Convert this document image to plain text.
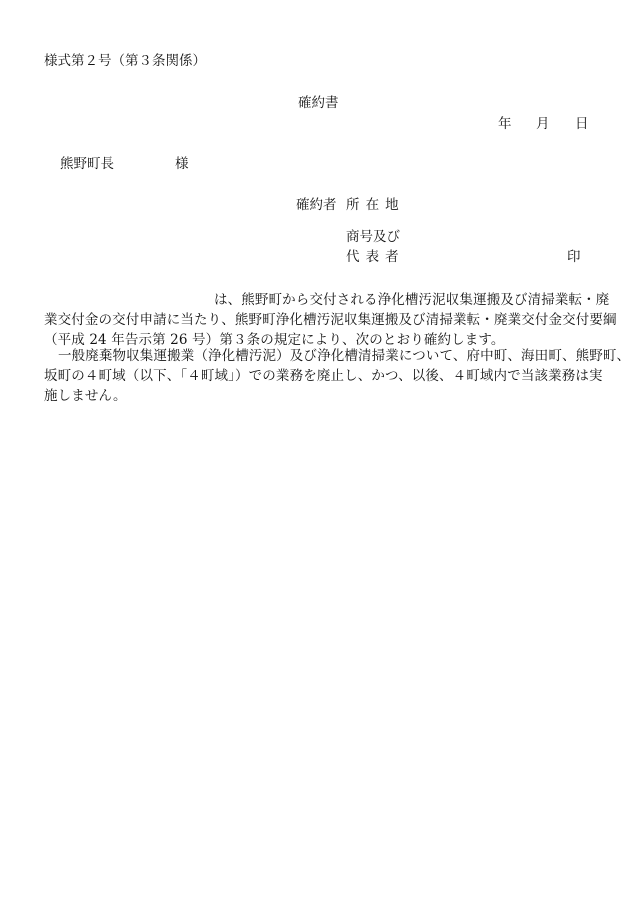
様式第２号（第３条関係）
確約書
年 月 日
熊野町長	様
確約者 所在地
商号及び
代表者	印
は、熊野町から交付される浄化槽汚泥収集運搬及び清掃業転・廃
業交付金の交付申請に当たり、熊野町浄化槽汚泥収集運搬及び清掃業転・廃業交付金交付要綱
（平成 24 年告示第 26 号）第３条の規定により、次のとおり確約します。
一般廃棄物収集運搬業（浄化槽汚泥）及び浄化槽清掃業について、府中町、海田町、熊野町、
坂町の４町域（以下、「４町域」）での業務を廃止し、かつ、以後、４町域内で当該業務は実
施しません。
